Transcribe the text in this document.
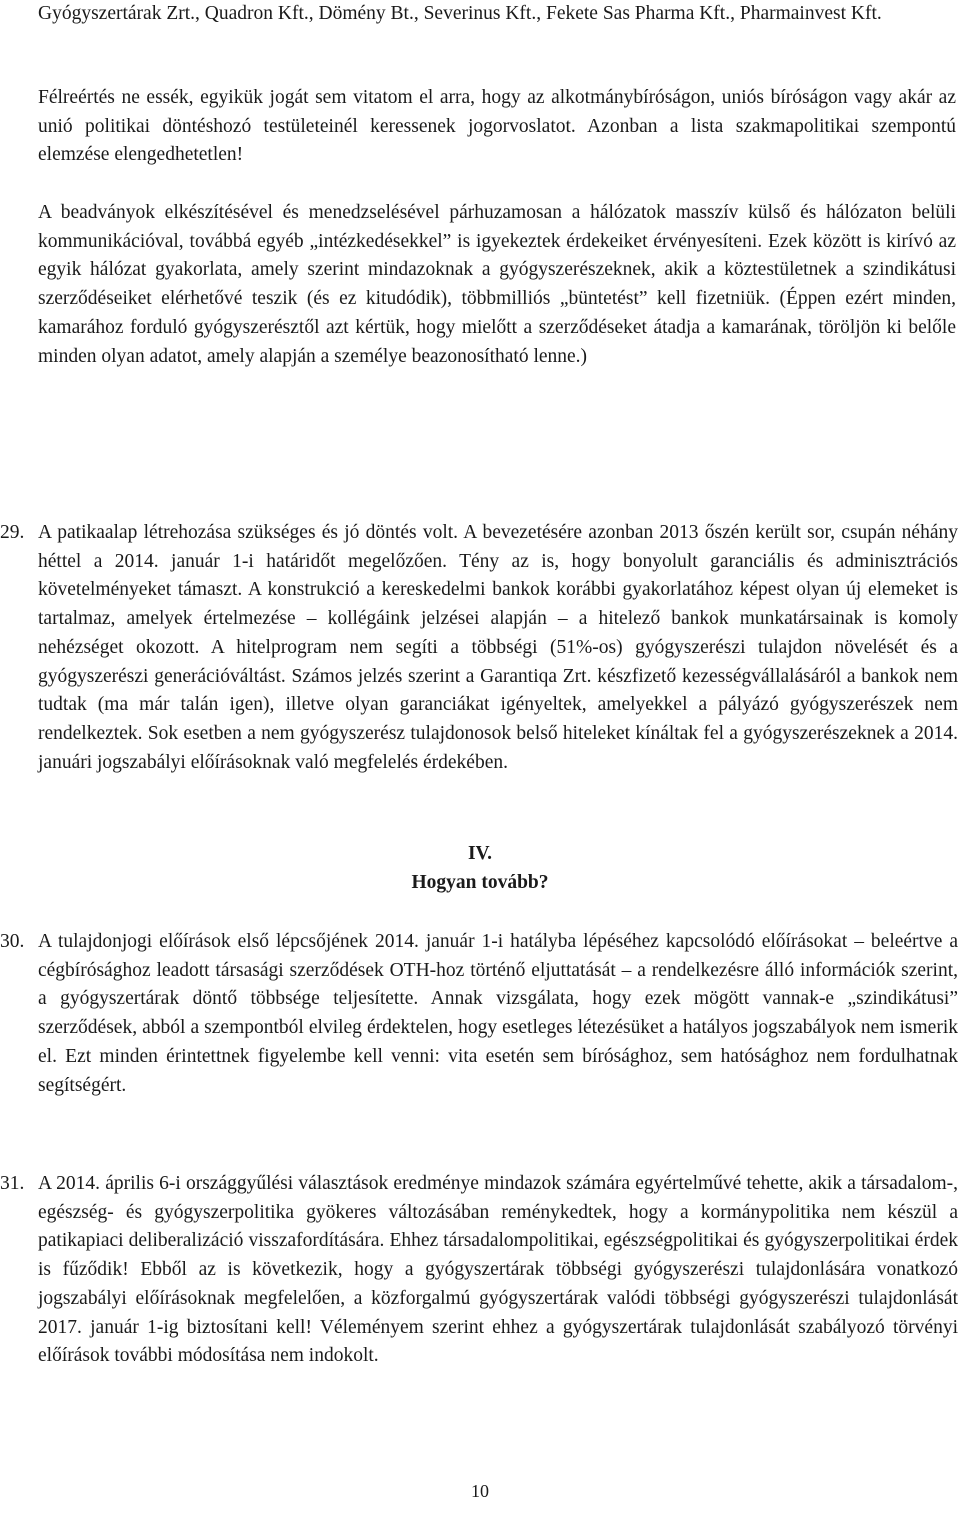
Gyógyszertárak Zrt., Quadron Kft., Dömény Bt., Severinus Kft., Fekete Sas Pharma Kft., Pharmainvest Kft.
Félreértés ne essék, egyikük jogát sem vitatom el arra, hogy az alkotmánybíróságon, uniós bíróságon vagy akár az unió politikai döntéshozó testületeinél keressenek jogorvoslatot. Azonban a lista szakmapolitikai szempontú elemzése elengedhetetlen!
A beadványok elkészítésével és menedzselésével párhuzamosan a hálózatok masszív külső és hálózaton belüli kommunikációval, továbbá egyéb „intézkedésekkel” is igyekeztek érdekeiket érvényesíteni. Ezek között is kirívó az egyik hálózat gyakorlata, amely szerint mindazoknak a gyógyszerészeknek, akik a köztestületnek a szindikátusi szerződéseiket elérhetővé teszik (és ez kitudódik), többmilliós „büntetést” kell fizetniük. (Éppen ezért minden, kamarához forduló gyógyszerésztől azt kértük, hogy mielőtt a szerződéseket átadja a kamarának, töröljön ki belőle minden olyan adatot, amely alapján a személye beazonosítható lenne.)
29. A patikaalap létrehozása szükséges és jó döntés volt. A bevezetésére azonban 2013 őszén került sor, csupán néhány héttel a 2014. január 1-i határidőt megelőzően. Tény az is, hogy bonyolult garanciális és adminisztrációs követelményeket támaszt. A konstrukció a kereskedelmi bankok korábbi gyakorlatához képest olyan új elemeket is tartalmaz, amelyek értelmezése – kollégáink jelzései alapján – a hitelező bankok munkatársainak is komoly nehézséget okozott. A hitelprogram nem segíti a többségi (51%-os) gyógyszerészi tulajdon növelését és a gyógyszerészi generációváltást. Számos jelzés szerint a Garantiqa Zrt. készfizető kezességvállalásáról a bankok nem tudtak (ma már talán igen), illetve olyan garanciákat igényeltek, amelyekkel a pályázó gyógyszerészek nem rendelkeztek. Sok esetben a nem gyógyszerész tulajdonosok belső hiteleket kínáltak fel a gyógyszerészeknek a 2014. januári jogszabályi előírásoknak való megfelelés érdekében.
IV.
Hogyan tovább?
30. A tulajdonjogi előírások első lépcsőjének 2014. január 1-i hatályba lépéséhez kapcsolódó előírásokat – beleértve a cégbírósághoz leadott társasági szerződések OTH-hoz történő eljuttatását – a rendelkezésre álló információk szerint, a gyógyszertárak döntő többsége teljesítette. Annak vizsgálata, hogy ezek mögött vannak-e „szindikátusi” szerződések, abból a szempontból elvileg érdektelen, hogy esetleges létezésüket a hatályos jogszabályok nem ismerik el. Ezt minden érintettnek figyelembe kell venni: vita esetén sem bírósághoz, sem hatósághoz nem fordulhatnak segítségért.
31. A 2014. április 6-i országgyűlési választások eredménye mindazok számára egyértelművé tehette, akik a társadalom-, egészség- és gyógyszerpolitika gyökeres változásában reménykedtek, hogy a kormánypolitika nem készül a patikapiaci deliberalizáció visszafordítására. Ehhez társadalompolitikai, egészségpolitikai és gyógyszerpolitikai érdek is fűződik! Ebből az is következik, hogy a gyógyszertárak többségi gyógyszerészi tulajdonlására vonatkozó jogszabályi előírásoknak megfelelően, a közforgalmú gyógyszertárak valódi többségi gyógyszerészi tulajdonlását 2017. január 1-ig biztosítani kell! Véleményem szerint ehhez a gyógyszertárak tulajdonlását szabályozó törvényi előírások további módosítása nem indokolt.
10
